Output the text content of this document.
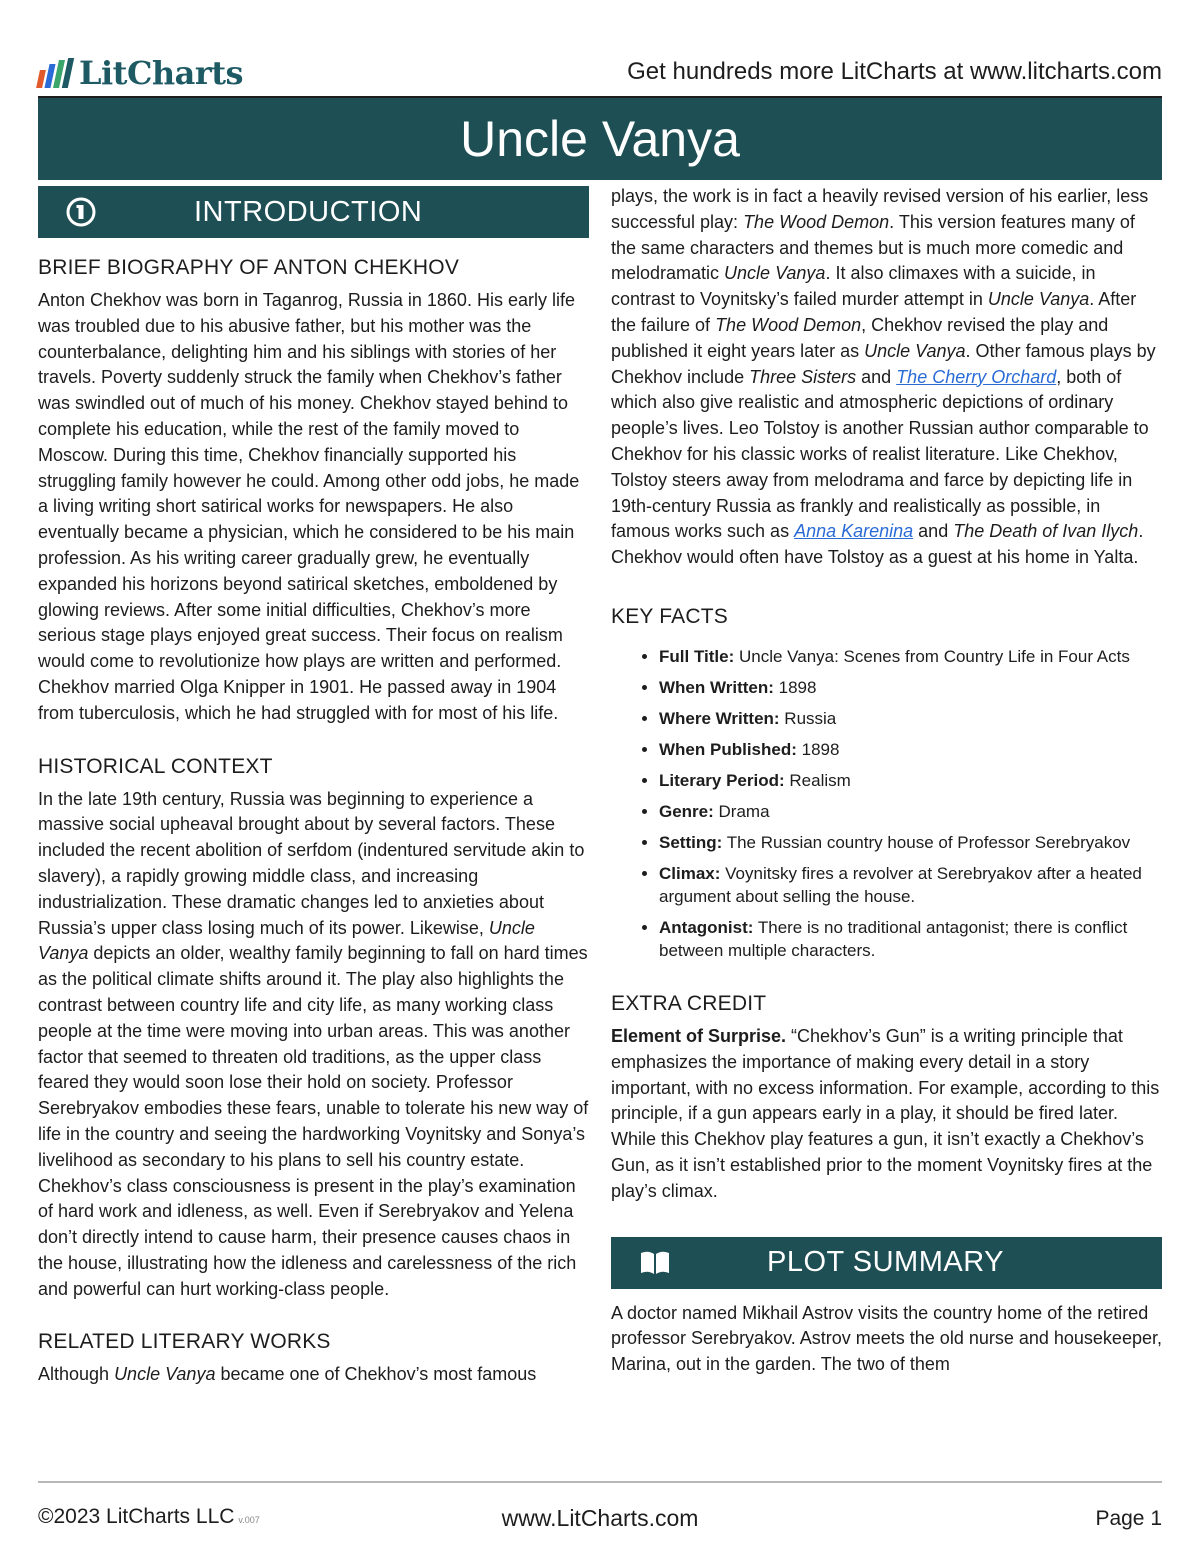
LitCharts	Get hundreds more LitCharts at www.litcharts.com
Uncle Vanya
INTRODUCTION
BRIEF BIOGRAPHY OF ANTON CHEKHOV

Anton Chekhov was born in Taganrog, Russia in 1860. His early life was troubled due to his abusive father, but his mother was the counterbalance, delighting him and his siblings with stories of her travels. Poverty suddenly struck the family when Chekhov’s father was swindled out of much of his money. Chekhov stayed behind to complete his education, while the rest of the family moved to Moscow. During this time, Chekhov financially supported his struggling family however he could. Among other odd jobs, he made a living writing short satirical works for newspapers. He also eventually became a physician, which he considered to be his main profession. As his writing career gradually grew, he eventually expanded his horizons beyond satirical sketches, emboldened by glowing reviews. After some initial difficulties, Chekhov’s more serious stage plays enjoyed great success. Their focus on realism would come to revolutionize how plays are written and performed. Chekhov married Olga Knipper in 1901. He passed away in 1904 from tuberculosis, which he had struggled with for most of his life.

HISTORICAL CONTEXT

In the late 19th century, Russia was beginning to experience a massive social upheaval brought about by several factors. These included the recent abolition of serfdom (indentured servitude akin to slavery), a rapidly growing middle class, and increasing industrialization. These dramatic changes led to anxieties about Russia’s upper class losing much of its power. Likewise, Uncle Vanya depicts an older, wealthy family beginning to fall on hard times as the political climate shifts around it. The play also highlights the contrast between country life and city life, as many working class people at the time were moving into urban areas. This was another factor that seemed to threaten old traditions, as the upper class feared they would soon lose their hold on society. Professor Serebryakov embodies these fears, unable to tolerate his new way of life in the country and seeing the hardworking Voynitsky and Sonya’s livelihood as secondary to his plans to sell his country estate. Chekhov’s class consciousness is present in the play’s examination of hard work and idleness, as well. Even if Serebryakov and Yelena don’t directly intend to cause harm, their presence causes chaos in the house, illustrating how the idleness and carelessness of the rich and powerful can hurt working-class people.

RELATED LITERARY WORKS

Although Uncle Vanya became one of Chekhov’s most famous

plays, the work is in fact a heavily revised version of his earlier, less successful play: The Wood Demon. This version features many of the same characters and themes but is much more comedic and melodramatic Uncle Vanya. It also climaxes with a suicide, in contrast to Voynitsky’s failed murder attempt in Uncle Vanya. After the failure of The Wood Demon, Chekhov revised the play and published it eight years later as Uncle Vanya. Other famous plays by Chekhov include Three Sisters and The Cherry Orchard, both of which also give realistic and atmospheric depictions of ordinary people’s lives. Leo Tolstoy is another Russian author comparable to Chekhov for his classic works of realist literature. Like Chekhov, Tolstoy steers away from melodrama and farce by depicting life in 19th-century Russia as frankly and realistically as possible, in famous works such as Anna Karenina and The Death of Ivan Ilych. Chekhov would often have Tolstoy as a guest at his home in Yalta.

KEY FACTS
• Full Title: Uncle Vanya: Scenes from Country Life in Four Acts
• When Written: 1898
• Where Written: Russia
• When Published: 1898
• Literary Period: Realism
• Genre: Drama
• Setting: The Russian country house of Professor Serebryakov
• Climax: Voynitsky fires a revolver at Serebryakov after a heated argument about selling the house.
• Antagonist: There is no traditional antagonist; there is conflict between multiple characters.
EXTRA CREDIT

Element of Surprise. “Chekhov’s Gun” is a writing principle that emphasizes the importance of making every detail in a story important, with no excess information. For example, according to this principle, if a gun appears early in a play, it should be fired later. While this Chekhov play features a gun, it isn’t exactly a Chekhov’s Gun, as it isn’t established prior to the moment Voynitsky fires at the play’s climax.

PLOT SUMMARY

A doctor named Mikhail Astrov visits the country home of the retired professor Serebryakov. Astrov meets the old nurse and housekeeper, Marina, out in the garden. The two of them

©2023 LitCharts LLC v.007	www.LitCharts.com	Page 1
